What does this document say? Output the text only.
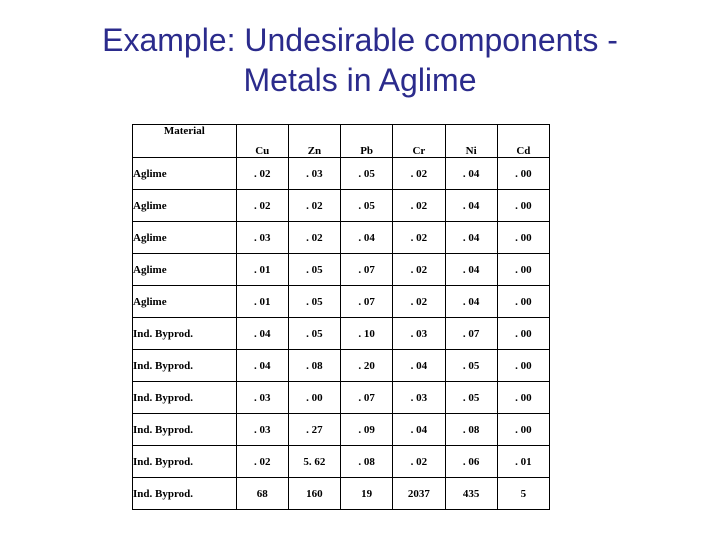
Example: Undesirable components -
Metals in Aglime
Material	Cu	Zn	Pb	Cr	Ni	Cd

Aglime	. 02	. 03	. 05	. 02	. 04	. 00
Aglime	. 02	. 02	. 05	. 02	. 04	. 00
Aglime	. 03	. 02	. 04	. 02	. 04	. 00
Aglime	. 01	. 05	. 07	. 02	. 04	. 00
Aglime	. 01	. 05	. 07	. 02	. 04	. 00
Ind. Byprod.	. 04	. 05	. 10	. 03	. 07	. 00
Ind. Byprod.	. 04	. 08	. 20	. 04	. 05	. 00
Ind. Byprod.	. 03	. 00	. 07	. 03	. 05	. 00
Ind. Byprod.	. 03	. 27	. 09	. 04	. 08	. 00
Ind. Byprod.	. 02	5. 62	. 08	. 02	. 06	. 01
Ind. Byprod.	68	160	19	2037	435	5
